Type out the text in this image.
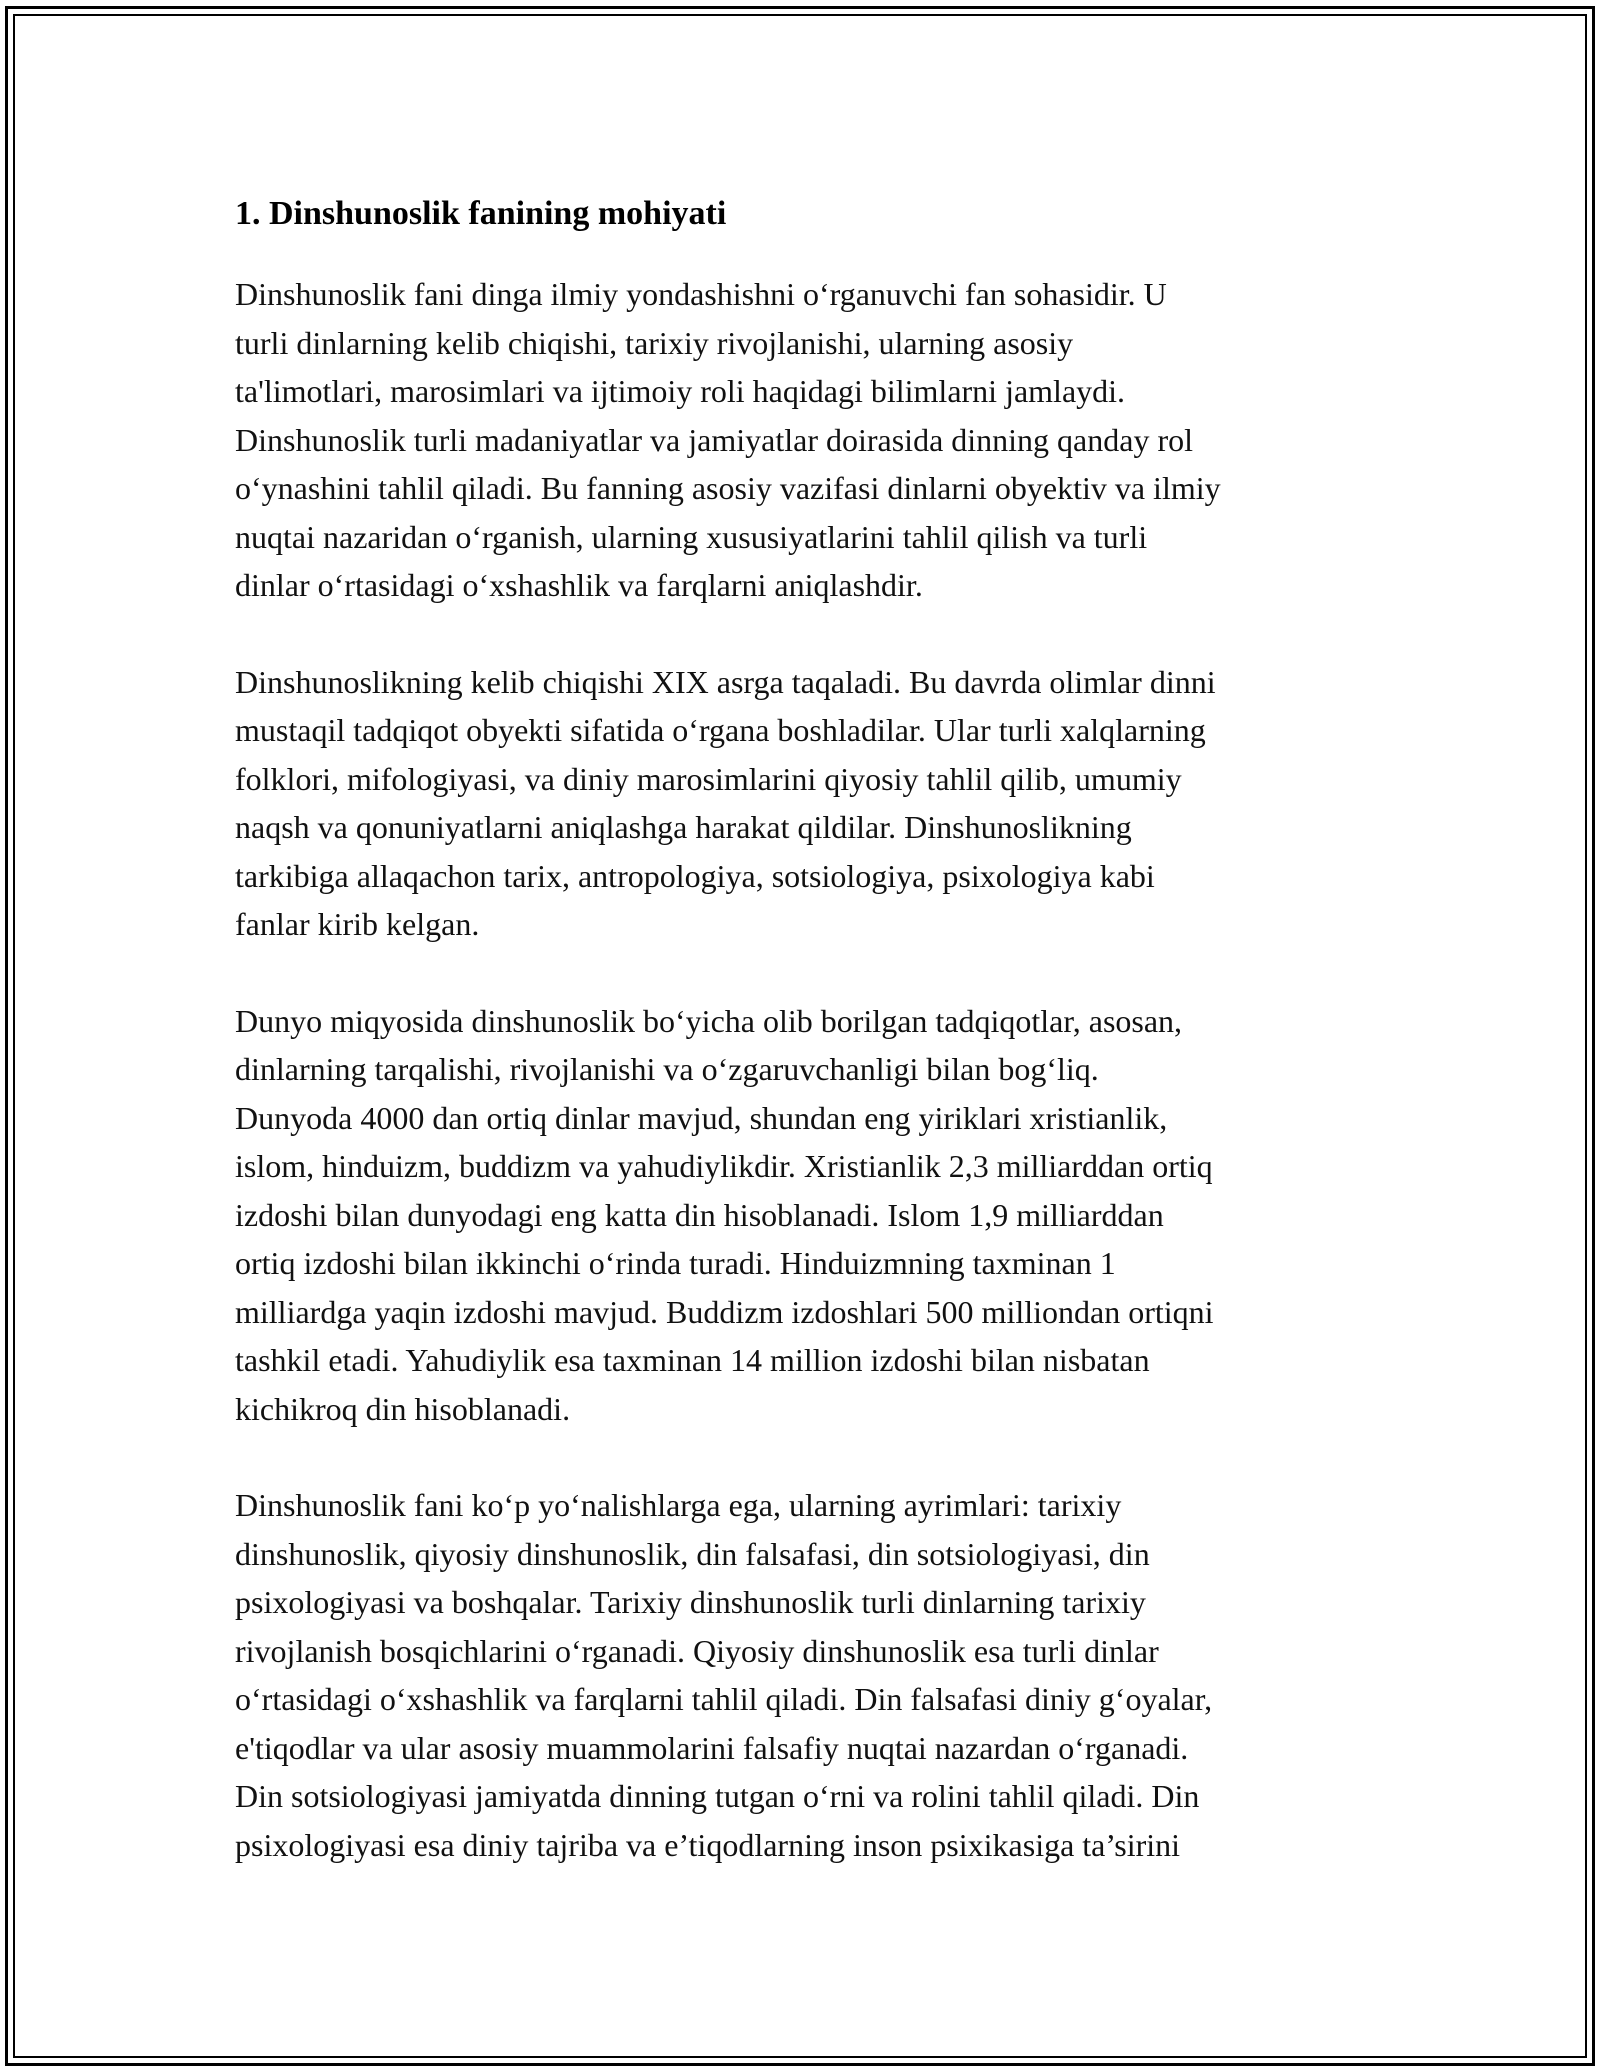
1. Dinshunoslik fanining mohiyati

Dinshunoslik fani dinga ilmiy yondashishni o‘rganuvchi fan sohasidir. U
turli dinlarning kelib chiqishi, tarixiy rivojlanishi, ularning asosiy
ta'limotlari, marosimlari va ijtimoiy roli haqidagi bilimlarni jamlaydi.
Dinshunoslik turli madaniyatlar va jamiyatlar doirasida dinning qanday rol
o‘ynashini tahlil qiladi. Bu fanning asosiy vazifasi dinlarni obyektiv va ilmiy
nuqtai nazaridan o‘rganish, ularning xususiyatlarini tahlil qilish va turli
dinlar o‘rtasidagi o‘xshashlik va farqlarni aniqlashdir.

Dinshunoslikning kelib chiqishi XIX asrga taqaladi. Bu davrda olimlar dinni
mustaqil tadqiqot obyekti sifatida o‘rgana boshladilar. Ular turli xalqlarning
folklori, mifologiyasi, va diniy marosimlarini qiyosiy tahlil qilib, umumiy
naqsh va qonuniyatlarni aniqlashga harakat qildilar. Dinshunoslikning
tarkibiga allaqachon tarix, antropologiya, sotsiologiya, psixologiya kabi
fanlar kirib kelgan.

Dunyo miqyosida dinshunoslik bo‘yicha olib borilgan tadqiqotlar, asosan,
dinlarning tarqalishi, rivojlanishi va o‘zgaruvchanligi bilan bog‘liq.
Dunyoda 4000 dan ortiq dinlar mavjud, shundan eng yiriklari xristianlik,
islom, hinduizm, buddizm va yahudiylikdir. Xristianlik 2,3 milliarddan ortiq
izdoshi bilan dunyodagi eng katta din hisoblanadi. Islom 1,9 milliarddan
ortiq izdoshi bilan ikkinchi o‘rinda turadi. Hinduizmning taxminan 1
milliardga yaqin izdoshi mavjud. Buddizm izdoshlari 500 milliondan ortiqni
tashkil etadi. Yahudiylik esa taxminan 14 million izdoshi bilan nisbatan
kichikroq din hisoblanadi.

Dinshunoslik fani ko‘p yo‘nalishlarga ega, ularning ayrimlari: tarixiy
dinshunoslik, qiyosiy dinshunoslik, din falsafasi, din sotsiologiyasi, din
psixologiyasi va boshqalar. Tarixiy dinshunoslik turli dinlarning tarixiy
rivojlanish bosqichlarini o‘rganadi. Qiyosiy dinshunoslik esa turli dinlar
o‘rtasidagi o‘xshashlik va farqlarni tahlil qiladi. Din falsafasi diniy g‘oyalar,
e'tiqodlar va ular asosiy muammolarini falsafiy nuqtai nazardan o‘rganadi.
Din sotsiologiyasi jamiyatda dinning tutgan o‘rni va rolini tahlil qiladi. Din
psixologiyasi esa diniy tajriba va e’tiqodlarning inson psixikasiga ta’sirini
